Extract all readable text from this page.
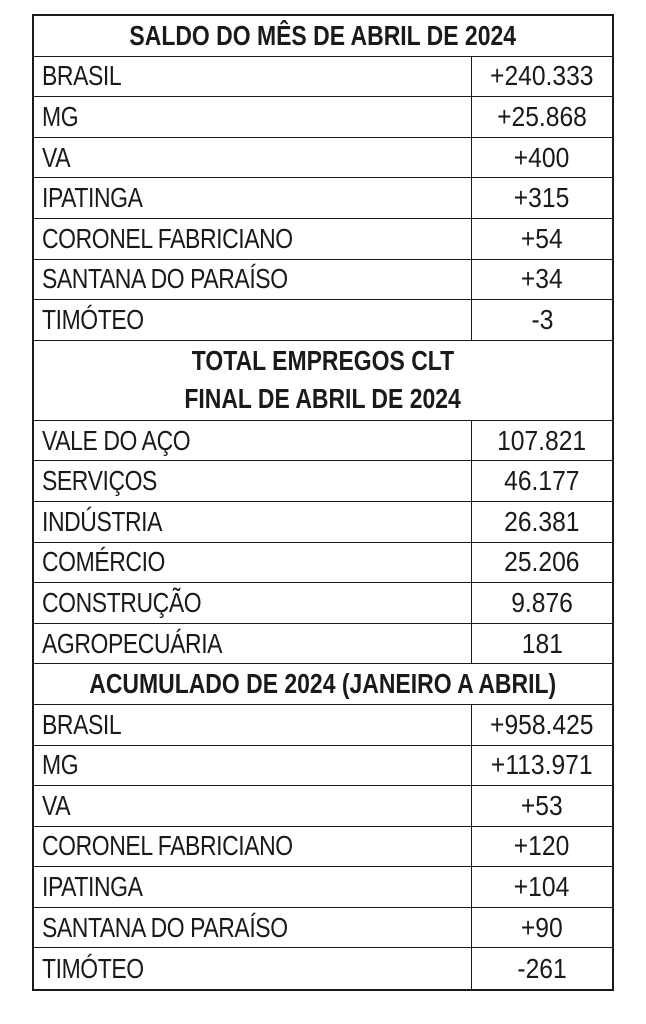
SALDO DO MÊS DE ABRIL DE 2024
BRASIL	+240.333
MG	+25.868
VA	+400
IPATINGA	+315
CORONEL FABRICIANO	+54
SANTANA DO PARAÍSO	+34
TIMÓTEO	-3
TOTAL EMPREGOS CLT
FINAL DE ABRIL DE 2024
VALE DO AÇO	107.821
SERVIÇOS	46.177
INDÚSTRIA	26.381
COMÉRCIO	25.206
CONSTRUÇÃO	9.876
AGROPECUÁRIA	181
ACUMULADO DE 2024 (JANEIRO A ABRIL)
BRASIL	+958.425
MG	+113.971
VA	+53
CORONEL FABRICIANO	+120
IPATINGA	+104
SANTANA DO PARAÍSO	+90
TIMÓTEO	-261
